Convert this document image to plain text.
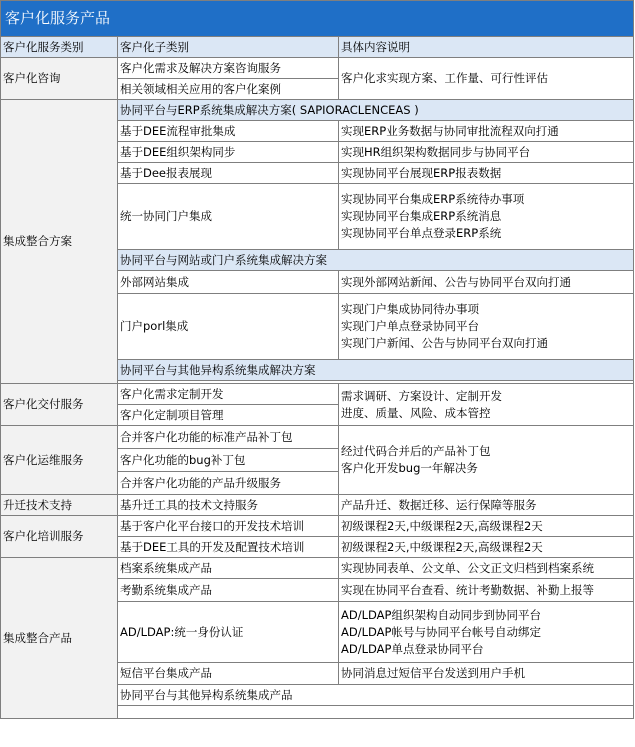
客户化服务产品		
客户化服务类别	客户化子类别	具体内容说明
客户化咨询	客户化需求及解决方案咨询服务	客户化求实现方案、工作量、可行性评估
	相关领域相关应用的客户化案例	
集成整合方案	协同平台与ERP系统集成解决方案( SAPIORACLENCEAS )	
	基于DEE流程审批集成	实现ERP业务数据与协同审批流程双向打通
	基于DEE组织架构同步	实现HR组织架构数据同步与协同平台
	基于Dee报表展现	实现协同平台展现ERP报表数据
	统一协同门户集成	实现协同平台集成ERP系统待办事项
实现协同平台集成ERP系统消息
实现协同平台单点登录ERP系统

	协同平台与网站或门户系统集成解决方案	
	外部网站集成	实现外部网站新闻、公告与协同平台双向打通
	门户porl集成	实现门户集成协同待办事项
实现门户单点登录协同平台
实现门户新闻、公告与协同平台双向打通

	协同平台与其他异构系统集成解决方案	

客户化交付服务	客户化需求定制开发	需求调研、方案设计、定制开发
进度、质量、风险、成本管控

	客户化定制项目管理	
客户化运维服务	合并客户化功能的标准产品补丁包	经过代码合并后的产品补丁包
客户化开发bug一年解决务

	客户化功能的bug补丁包	
	合并客户化功能的产品升级服务	
升迁技术支持	基升迁工具的技术文持服务	产品升迁、数据迁移、运行保障等服务
客户化培训服务	基于客户化平台接口的开发技术培训	初级课程2天,中级课程2天,高级课程2天
	基于DEE工具的开发及配置技术培训	初级课程2天,中级课程2天,高级课程2天
集成整合产品	档案系统集成产品	实现协同表单、公文单、公文正文归档到档案系统
	考勤系统集成产品	实现在协同平台查看、统计考勤数据、补勤上报等
	AD/LDAP:统一身份认证	AD/LDAP组织架构自动同步到协同平台
AD/LDAP帐号与协同平台帐号自动绑定
AD/LDAP单点登录协同平台

	短信平台集成产品	协同消息过短信平台发送到用户手机
	协同平台与其他异构系统集成产品	
